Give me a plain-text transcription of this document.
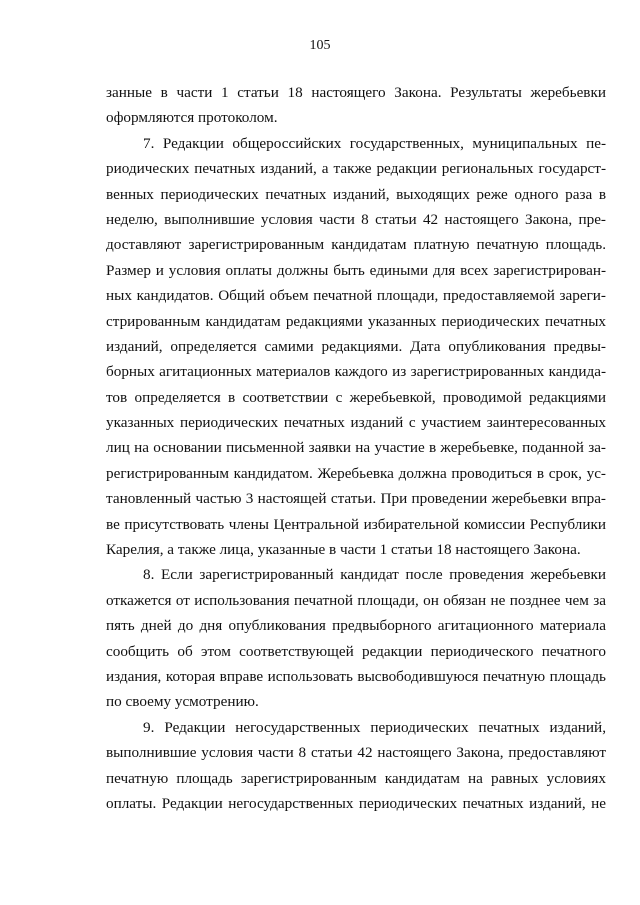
105
занные в части 1 статьи 18 настоящего Закона. Результаты жеребьевки
оформляются протоколом.
7. Редакции общероссийских государственных, муниципальных пе-
риодических печатных изданий, а также редакции региональных государст-
венных периодических печатных изданий, выходящих реже одного раза в
неделю, выполнившие условия части 8 статьи 42 настоящего Закона, пре-
доставляют зарегистрированным кандидатам платную печатную площадь.
Размер и условия оплаты должны быть едиными для всех зарегистрирован-
ных кандидатов. Общий объем печатной площади, предоставляемой зареги-
стрированным кандидатам редакциями указанных периодических печатных
изданий, определяется самими редакциями. Дата опубликования предвы-
борных агитационных материалов каждого из зарегистрированных кандида-
тов определяется в соответствии с жеребьевкой, проводимой редакциями
указанных периодических печатных изданий с участием заинтересованных
лиц на основании письменной заявки на участие в жеребьевке, поданной за-
регистрированным кандидатом. Жеребьевка должна проводиться в срок, ус-
тановленный частью 3 настоящей статьи. При проведении жеребьевки впра-
ве присутствовать члены Центральной избирательной комиссии Республики
Карелия, а также лица, указанные в части 1 статьи 18 настоящего Закона.
8. Если зарегистрированный кандидат после проведения жеребьевки
откажется от использования печатной площади, он обязан не позднее чем за
пять дней до дня опубликования предвыборного агитационного материала
сообщить об этом соответствующей редакции периодического печатного
издания, которая вправе использовать высвободившуюся печатную площадь
по своему усмотрению.
9. Редакции негосударственных периодических печатных изданий,
выполнившие условия части 8 статьи 42 настоящего Закона, предоставляют
печатную площадь зарегистрированным кандидатам на равных условиях
оплаты. Редакции негосударственных периодических печатных изданий, не
